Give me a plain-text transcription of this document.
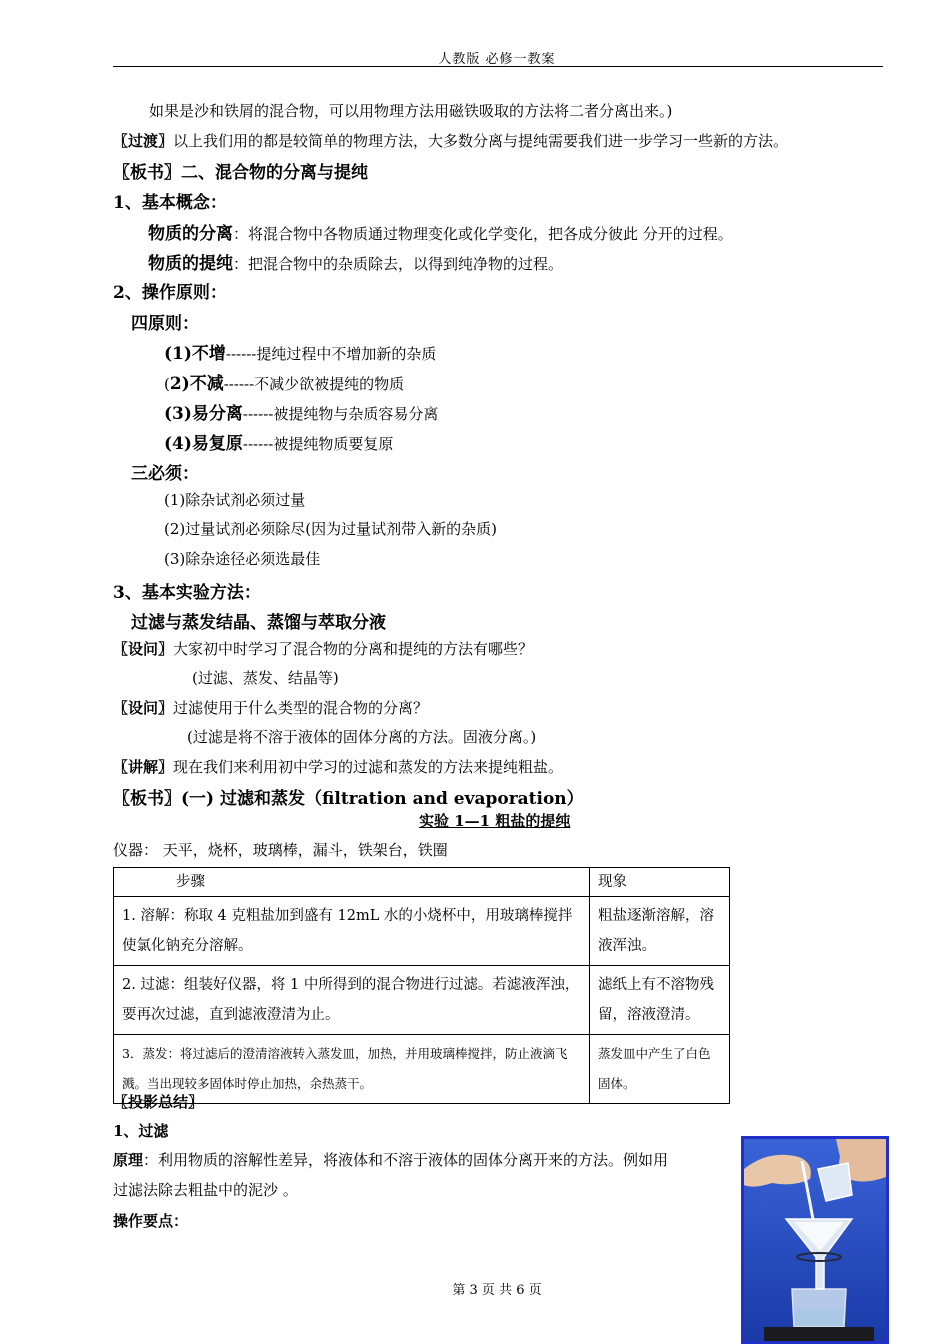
人教版 必修一教案
如果是沙和铁屑的混合物，可以用物理方法用磁铁吸取的方法将二者分离出来。)
〖过渡〗以上我们用的都是较简单的物理方法，大多数分离与提纯需要我们进一步学习一些新的方法。
〖板书〗二、混合物的分离与提纯
1、基本概念：
物质的分离：将混合物中各物质通过物理变化或化学变化，把各成分彼此 分开的过程。
物质的提纯：把混合物中的杂质除去，以得到纯净物的过程。
2、操作原则：
四原则：
(1)不增------提纯过程中不增加新的杂质
(2)不减------不减少欲被提纯的物质
(3)易分离------被提纯物与杂质容易分离
(4)易复原------被提纯物质要复原
三必须：
(1)除杂试剂必须过量
(2)过量试剂必须除尽(因为过量试剂带入新的杂质)
(3)除杂途径必须选最佳
3、基本实验方法：
过滤与蒸发结晶、蒸馏与萃取分液
〖设问〗大家初中时学习了混合物的分离和提纯的方法有哪些？
(过滤、蒸发、结晶等)
〖设问〗过滤使用于什么类型的混合物的分离？
(过滤是将不溶于液体的固体分离的方法。固液分离。)
〖讲解〗现在我们来利用初中学习的过滤和蒸发的方法来提纯粗盐。
〖板书〗(一) 过滤和蒸发（filtration and evaporation）
实验 1—1 粗盐的提纯
仪器： 天平，烧杯，玻璃棒，漏斗，铁架台，铁圈
步骤	现象
1. 溶解：称取 4 克粗盐加到盛有 12mL 水的小烧杯中，用玻璃棒搅拌使氯化钠充分溶解。	粗盐逐渐溶解，溶液浑浊。
2. 过滤：组装好仪器，将 1 中所得到的混合物进行过滤。若滤液浑浊，要再次过滤，直到滤液澄清为止。	滤纸上有不溶物残留，溶液澄清。
3．蒸发：将过滤后的澄清溶液转入蒸发皿，加热，并用玻璃棒搅拌，防止液滴飞溅。当出现较多固体时停止加热，余热蒸干。	蒸发皿中产生了白色固体。
〖投影总结〗
1、过滤
原理：利用物质的溶解性差异，将液体和不溶于液体的固体分离开来的方法。例如用
过滤法除去粗盐中的泥沙 。
操作要点：
第 3 页 共 6 页
